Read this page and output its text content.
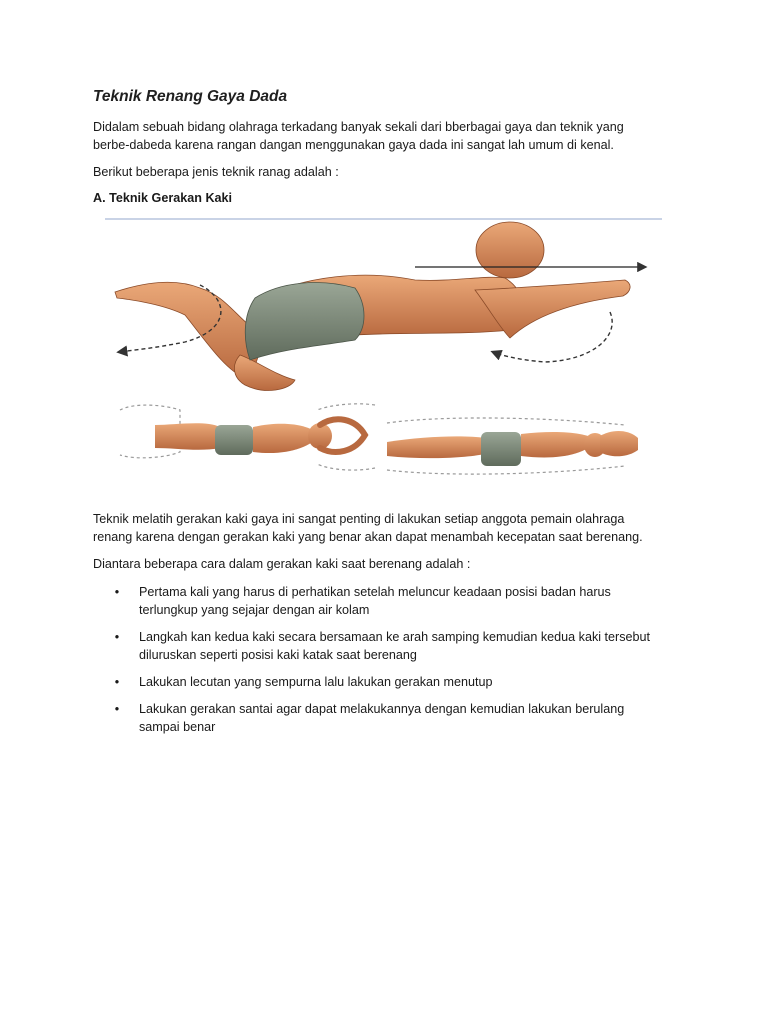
Teknik Renang Gaya Dada

Didalam sebuah bidang olahraga terkadang banyak sekali dari bberbagai gaya dan teknik yang
berbe-dabeda karena rangan dangan menggunakan gaya dada ini sangat lah umum di kenal.

Berikut beberapa jenis teknik ranag adalah :

A. Teknik Gerakan Kaki

Teknik melatih gerakan kaki gaya ini sangat penting di lakukan setiap anggota pemain olahraga
renang karena dengan gerakan kaki yang benar akan dapat menambah kecepatan saat berenang.

Diantara beberapa cara dalam gerakan kaki saat berenang adalah :

• Pertama kali yang harus di perhatikan setelah meluncur keadaan posisi badan harus
terlungkup yang sejajar dengan air kolam
• Langkah kan kedua kaki secara bersamaan ke arah samping kemudian kedua kaki tersebut
diluruskan seperti posisi kaki katak saat berenang
• Lakukan lecutan yang sempurna lalu lakukan gerakan menutup
• Lakukan gerakan santai agar dapat melakukannya dengan kemudian lakukan berulang
sampai benar
